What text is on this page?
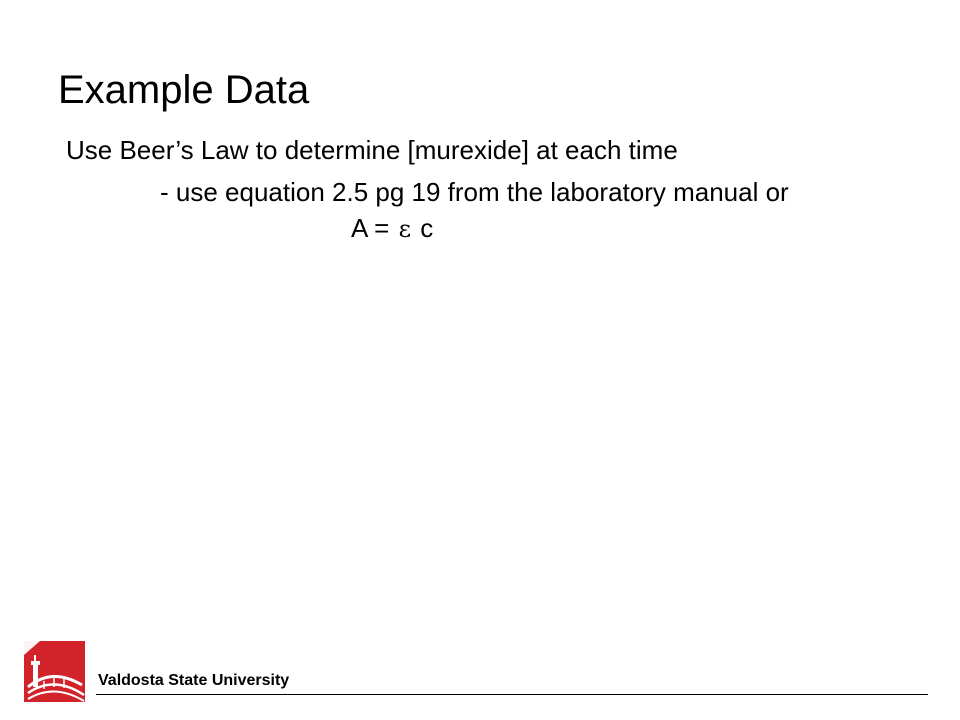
Example Data
Use Beer’s Law to determine [murexide] at each time
- use equation 2.5 pg 19 from the laboratory manual or
A = ε c
Valdosta State University
